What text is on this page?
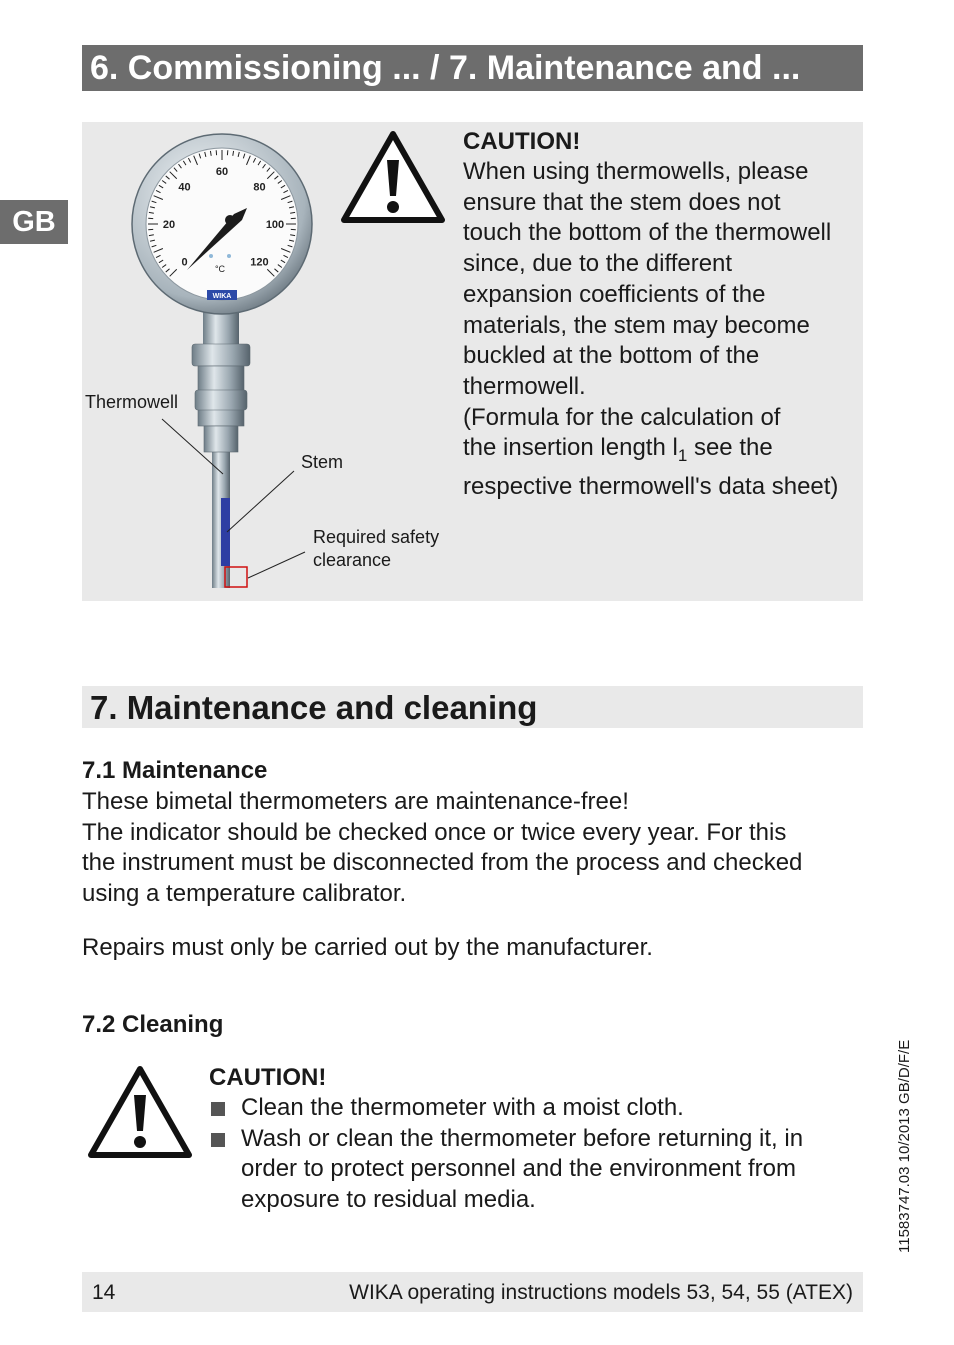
6. Commissioning ... / 7. Maintenance and ...
GB
0
20
40
60
80
100
120
°C
WIKA
Thermowell
Stem
Required safety
clearance
CAUTION!

When using thermowells, please

ensure that the stem does not

touch the bottom of the thermowell

since, due to the different

expansion coefficients of the

materials, the stem may become

buckled at the bottom of the

thermowell.

(Formula for the calculation of

the insertion length $l_1$ see the

respective thermowell's data sheet)

7. Maintenance and cleaning
7.1 Maintenance

These bimetal thermometers are maintenance-free!

The indicator should be checked once or twice every year. For this

the instrument must be disconnected from the process and checked

using a temperature calibrator.

Repairs must only be carried out by the manufacturer.

7.2 Cleaning
CAUTION!
Clean the thermometer with a moist cloth.

Wash or clean the thermometer before returning it, in

order to protect personnel and the environment from

exposure to residual media.	11583747.03 10/2013 GB/D/F/E
14	WIKA operating instructions models 53, 54, 55 (ATEX)
